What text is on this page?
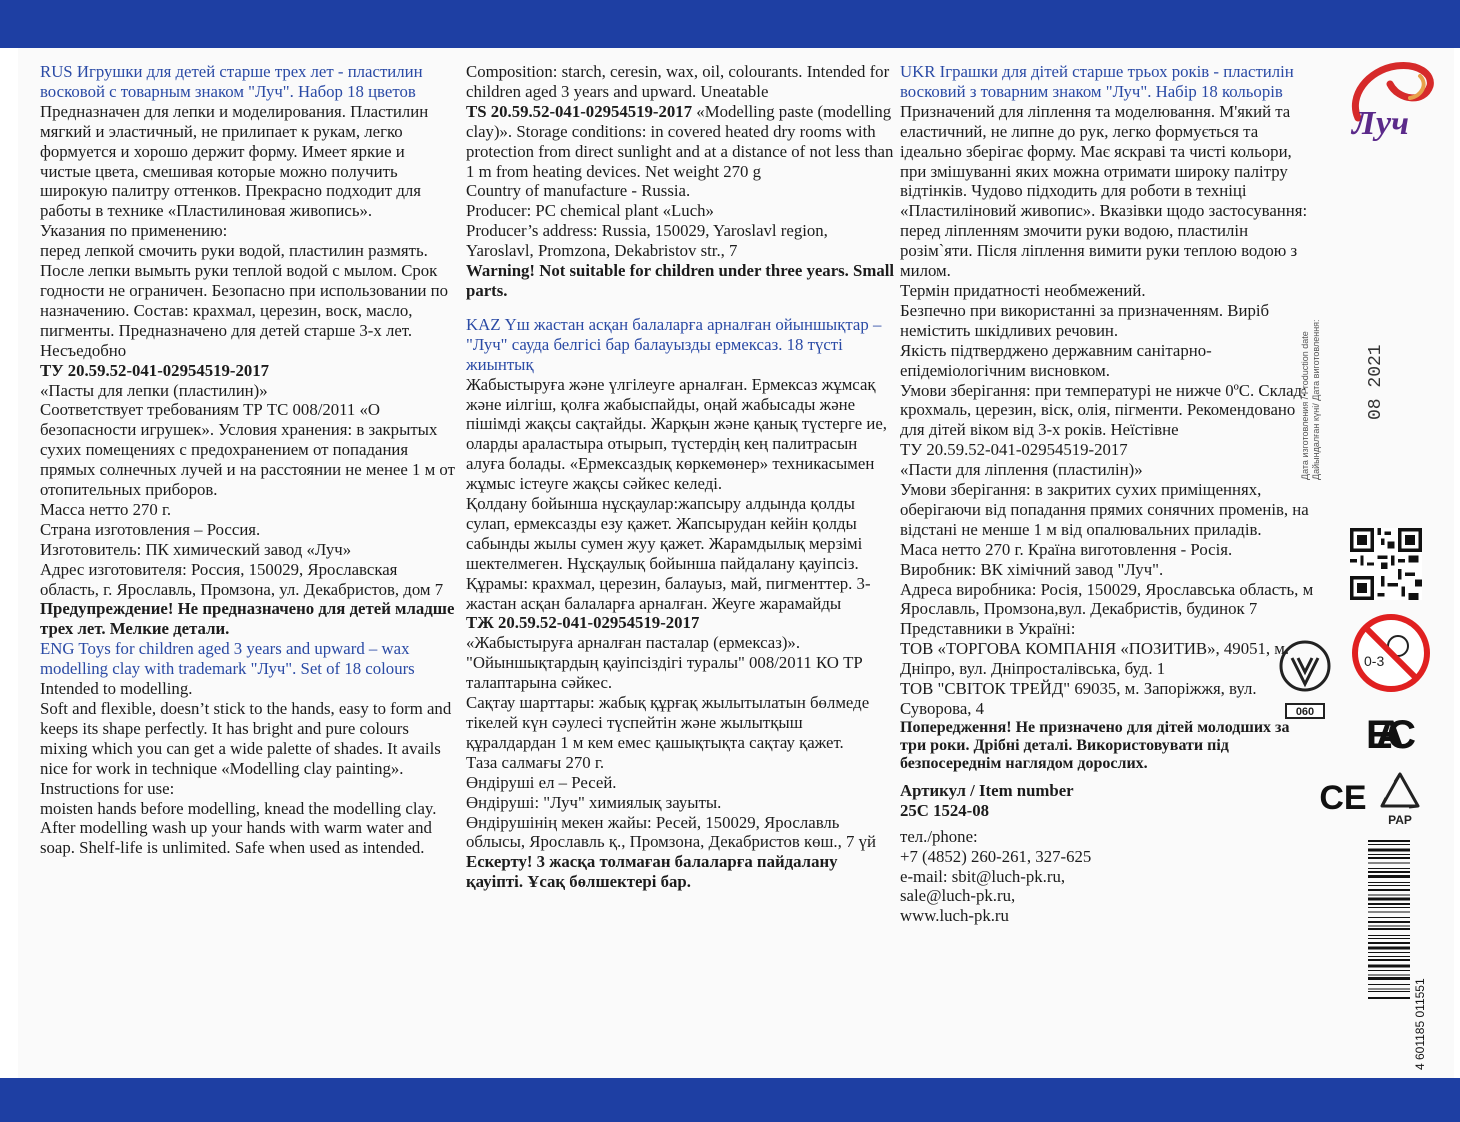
RUS Игрушки для детей старше трех лет - пластилин восковой с товарным знаком "Луч". Набор 18 цветов

Предназначен для лепки и моделирования. Пластилин мягкий и эластичный, не прилипает к рукам, легко формуется и хорошо держит форму. Имеет яркие и чистые цвета, смешивая которые можно получить широкую палитру оттенков. Прекрасно подходит для работы в технике «Пластилиновая живопись».
Указания по применению:
перед лепкой смочить руки водой, пластилин размять. После лепки вымыть руки теплой водой с мылом. Срок годности не ограничен. Безопасно при использовании по назначению. Состав: крахмал, церезин, воск, масло, пигменты. Предназначено для детей старше 3-х лет. Несъедобно

ТУ 20.59.52-041-02954519-2017

«Пасты для лепки (пластилин)»
Соответствует требованиям ТР ТС 008/2011 «О безопасности игрушек». Условия хранения: в закрытых сухих помещениях с предохранением от попадания прямых солнечных лучей и на расстоянии не менее 1 м от отопительных приборов.
Масса нетто 270 г.
Страна изготовления – Россия.
Изготовитель: ПК химический завод «Луч»
Адрес изготовителя: Россия, 150029, Ярославская область, г. Ярославль, Промзона, ул. Декабристов, дом 7

Предупреждение! Не предназначено для детей младше трех лет. Мелкие детали.

ENG Toys for children aged 3 years and upward – wax modelling clay with trademark "Луч". Set of 18 colours

Intended to modelling.
Soft and flexible, doesn’t stick to the hands, easy to form and keeps its shape perfectly. It has bright and pure colours mixing which you can get a wide palette of shades. It avails nice for work in technique «Modelling clay painting».
Instructions for use:
moisten hands before modelling, knead the modelling clay. After modelling wash up your hands with warm water and soap. Shelf-life is unlimited. Safe when used as intended.

Composition: starch, ceresin, wax, oil, colourants. Intended for children aged 3 years and upward. Uneatable

TS 20.59.52-041-02954519-2017 «Modelling paste (modelling clay)». Storage conditions: in covered heated dry rooms with protection from direct sunlight and at a distance of not less than 1 m from heating devices. Net weight 270 g
Country of manufacture - Russia.
Producer: PC chemical plant «Luch»
Producer’s address: Russia, 150029, Yaroslavl region, Yaroslavl, Promzona, Dekabristov str., 7

Warning! Not suitable for children under three years. Small parts.

KAZ Үш жастан асқан балаларға арналған ойыншықтар – "Луч" сауда белгісі бар балауызды ермексаз. 18 түсті жиынтық

Жабыстыруға және үлгілеуге арналған. Ермексаз жұмсақ және иілгіш, қолға жабыспайды, оңай жабысады және пішімді жақсы сақтайды. Жарқын және қанық түстерге ие, оларды араластыра отырып, түстердің кең палитрасын алуға болады. «Ермексаздық көркемөнер» техникасымен жұмыс істеуге жақсы сәйкес келеді.
Қолдану бойынша нұсқаулар:жапсыру алдында қолды сулап, ермексазды езу қажет. Жапсырудан кейін қолды сабынды жылы сумен жуу қажет. Жарамдылық мерзімі шектелмеген. Нұсқаулық бойынша пайдалану қауіпсіз. Құрамы: крахмал, церезин, балауыз, май, пигменттер. 3-жастан асқан балаларға арналған. Жеуге жарамайды

ТЖ 20.59.52-041-02954519-2017

«Жабыстыруға арналған пасталар (ермексаз)». "Ойыншықтардың қауіпсіздігі туралы" 008/2011 КО ТР талаптарына сәйкес.
Сақтау шарттары: жабық құрғақ жылытылатын бөлмеде тікелей күн сәулесі түспейтін және жылытқыш құралдардан 1 м кем емес қашықтықта сақтау қажет.
Таза салмағы 270 г.
Өндіруші ел – Ресей.
Өндіруші: "Луч" химиялық зауыты.
Өндірушінің мекен жайы: Ресей, 150029, Ярославль облысы, Ярославль қ., Промзона, Декабристов көш., 7 үй

Ескерту! 3 жасқа толмаған балаларға пайдалану қауіпті. Ұсақ бөлшектері бар.

UKR Іграшки для дітей старше трьох років - пластилін восковий з товарним знаком "Луч". Набір 18 кольорів

Призначений для ліплення та моделювання. М'який та еластичний, не липне до рук, легко формується та ідеально зберігає форму. Має яскраві та чисті кольори, при змішуванні яких можна отримати широку палітру відтінків. Чудово підходить для роботи в техніці «Пластиліновий живопис». Вказівки щодо застосування: перед ліпленням змочити руки водою, пластилін розім`яти. Після ліплення вимити руки теплою водою з милом.
Термін придатності необмежений.
Безпечно при використанні за призначенням. Виріб немістить шкідливих речовин.
Якість підтверджено державним санітарно-епідеміологічним висновком.
Умови зберігання: при температурі не нижче 0ºС. Склад: крохмаль, церезин, віск, олія, пігменти. Рекомендовано для дітей віком від 3-х років. Неїстівне
ТУ 20.59.52-041-02954519-2017
«Пасти для ліплення (пластилін)»
Умови зберігання: в закритих сухих приміщеннях, оберігаючи від попадання прямих сонячних променів, на відстані не менше 1 м від опалювальних приладів.
Маса нетто 270 г. Країна виготовлення - Росія.
Виробник: ВК хімічний завод "Луч".
Адреса виробника: Росія, 150029, Ярославська область, м Ярославль, Промзона,вул. Декабристів, будинок 7
Представники в Україні:
ТОВ «ТОРГОВА КОМПАНІЯ «ПОЗИТИВ», 49051, м. Дніпро, вул. Дніпросталівська, буд. 1
ТОВ "СВІТОК ТРЕЙД" 69035, м. Запоріжжя, вул. Суворова, 4

Попередження! Не призначено для дітей молодших за три роки. Дрібні деталі. Використовувати під безпосереднім наглядом дорослих.

Артикул / Item number

25С 1524-08

тел./phone:

+7 (4852) 260-261, 327-625

e-mail: sbit@luch-pk.ru,

sale@luch-pk.ru,

www.luch-pk.ru

Луч
Дата изготовления / Production date Дайындалған күні/ Дата виготовлення:	08 2021
0-3
060
EAC
CE
PAP
4 601185 011551
